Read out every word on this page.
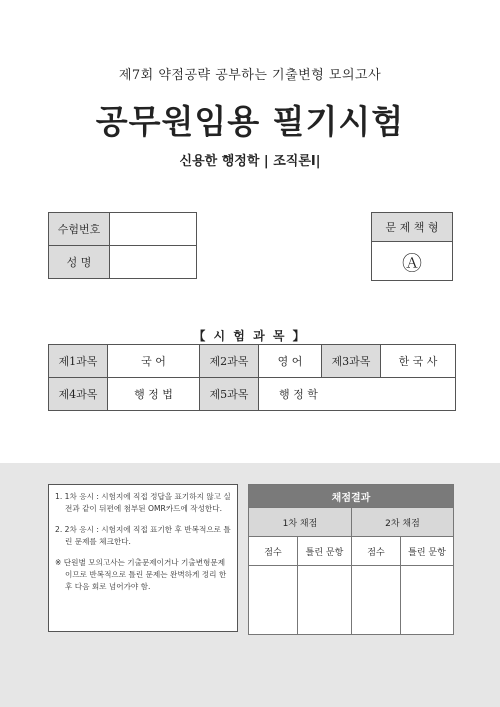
제7회 약점공략 공부하는 기출변형 모의고사
공무원임용 필기시험
신용한 행정학 | 조직론Ⅰ|
수험번호	
성 명	
문 제 책 형
Ⓐ
【 시 험 과 목 】
제1과목	국 어	제2과목	영 어	제3과목	한 국 사
제4과목	행 정 법	제5과목	행 정 학		
1. 1차 응시 : 시험지에 직접 정답을 표기하지 않고 실전과 같이 뒤편에 첨부된 OMR카드에 작성한다.
2. 2차 응시 : 시험지에 직접 표기한 후 반복적으로 틀린 문제를 체크한다.
※ 단원별 모의고사는 기출문제이거나 기출변형문제이므로 반복적으로 틀린 문제는 완벽하게 정리 한 후 다음 회로 넘어가야 함.
채점결과			
1차 채점		2차 채점	
점수	틀린 문항	점수	틀린 문항
